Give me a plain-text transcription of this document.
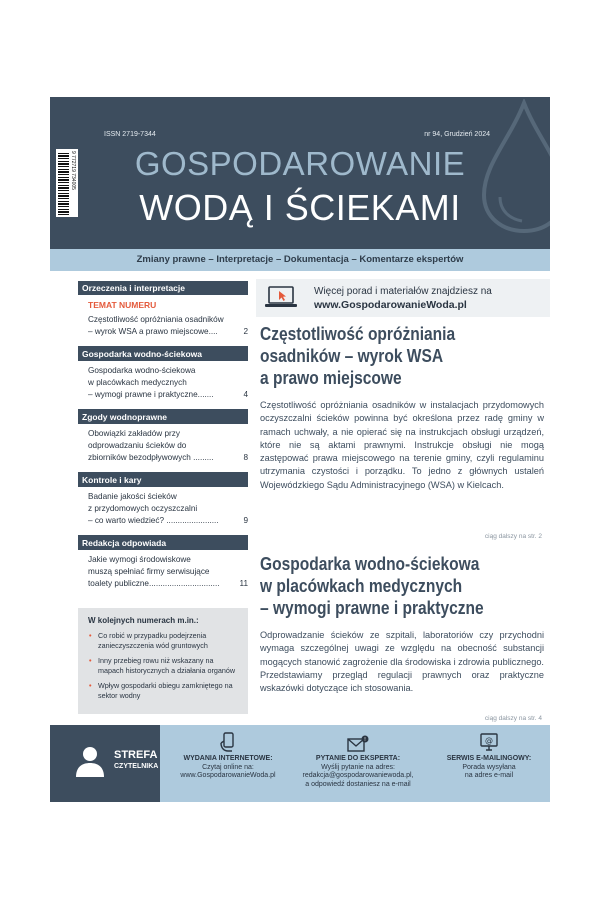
ISSN 2719-7344	nr 94, Grudzień 2024
9 772719 734005	GOSPODAROWANIE
WODĄ I ŚCIEKAMI
Zmiany prawne – Interpretacje – Dokumentacja – Komentarze ekspertów
Orzeczenia i interpretacje
TEMAT NUMERU
Częstotliwość opróżniania osadników
– wyrok WSA a prawo miejscowe....	2
Gospodarka wodno-ściekowa
Gospodarka wodno-ściekowa
w placówkach medycznych
– wymogi prawne i praktyczne.......	4
Zgody wodnoprawne
Obowiązki zakładów przy
odprowadzaniu ścieków do
zbiorników bezodpływowych .........	8
Kontrole i kary
Badanie jakości ścieków
z przydomowych oczyszczalni
– co warto wiedzieć? .......................	9
Redakcja odpowiada
Jakie wymogi środowiskowe
muszą spełniać firmy serwisujące
toalety publiczne...............................	11
W kolejnych numerach m.in.:
• Co robić w przypadku podejrzenia zanieczyszczenia wód gruntowych
• Inny przebieg rowu niż wskazany na mapach historycznych a działania organów
• Wpływ gospodarki obiegu zamkniętego na sektor wodny
Więcej porad i materiałów znajdziesz na
www.GospodarowanieWoda.pl
Częstotliwość opróżniania
osadników – wyrok WSA
a prawo miejscowe

Częstotliwość opróżniania osadników w instalacjach przydomowych oczyszczalni ścieków powinna być określona przez radę gminy w ramach uchwały, a nie opierać się na instrukcjach obsługi urządzeń, które nie są aktami prawnymi. Instrukcje obsługi nie mogą zastępować prawa miejscowego na terenie gminy, czyli regulaminu utrzymania czystości i porządku. To jedno z głównych ustaleń Wojewódzkiego Sądu Administracyjnego (WSA) w Kielcach.

ciąg dalszy na str. 2
Gospodarka wodno-ściekowa
w placówkach medycznych
– wymogi prawne i praktyczne

Odprowadzanie ścieków ze szpitali, laboratoriów czy przychodni wymaga szczególnej uwagi ze względu na obecność substancji mogących stanowić zagrożenie dla środowiska i zdrowia publicznego. Przedstawiamy przegląd regulacji prawnych oraz praktyczne wskazówki dotyczące ich stosowania.

ciąg dalszy na str. 4
STREFA
CZYTELNIKA
WYDANIA INTERNETOWE:
Czytaj online na:
www.GospodarowanieWoda.pl
!
PYTANIE DO EKSPERTA:
Wyślij pytanie na adres:
redakcja@gospodarowaniewoda.pl,
a odpowiedź dostaniesz na e-mail
@
SERWIS E-MAILINGOWY:
Porada wysyłana
na adres e-mail
